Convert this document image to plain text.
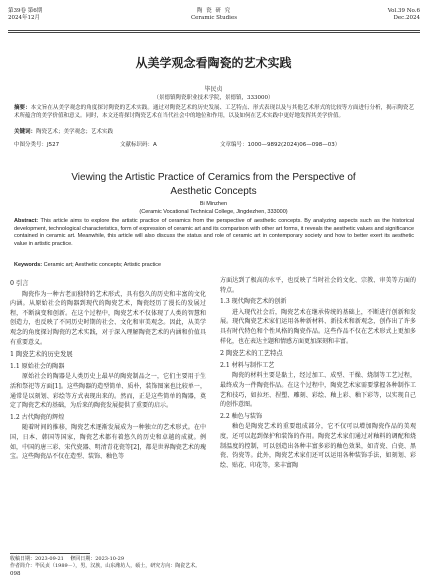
第39卷 第6期
2024年12月
陶 瓷 研 究
Ceramic Studies
Vol.39 No.6
Dec.2024
从美学观念看陶瓷的艺术实践
毕民贞
（景德镇陶瓷职业技术学院，景德镇，333000）
摘要：本文旨在从美学观念的角度探讨陶瓷的艺术实践。通过对陶瓷艺术的历史发展、工艺特点、形式表现以及与其他艺术形式的比较等方面进行分析，揭示陶瓷艺术所蕴含的美学价值和意义。同时，本文还将探讨陶瓷艺术在当代社会中的地位和作用，以及如何在艺术实践中更好地发挥其美学价值。
关键词：陶瓷艺术；美学观念；艺术实践
中图分类号：J527	文献标识码：A	文章编号：1000—9892(2024)06—098—03）
Viewing the Artistic Practice of Ceramics from the Perspective of
Aesthetic Concepts
Bi Minzhen
(Ceramic Vocational Technical College, Jingdezhen, 333000)
Abstract: This article aims to explore the artistic practice of ceramics from the perspective of aesthetic concepts. By analyzing aspects such as the historical development, technological characteristics, form of expression of ceramic art and its comparison with other art forms, it reveals the aesthetic values and significance contained in ceramic art. Meanwhile, this article will also discuss the status and role of ceramic art in contemporary society and how to better exert its aesthetic value in artistic practice.
Keywords: Ceramic art; Aesthetic concepts; Artistic practice
0 引言

陶瓷作为一种古老而独特的艺术形式，具有悠久的历史和丰富的文化内涵。从原始社会的陶器到现代的陶瓷艺术，陶瓷经历了漫长的发展过程，不断演变和创新。在这个过程中，陶瓷艺术不仅体现了人类的智慧和创造力，也反映了不同历史时期的社会、文化和审美观念。因此，从美学观念的角度探讨陶瓷的艺术实践，对于深入理解陶瓷艺术的内涵和价值具有重要意义。

1 陶瓷艺术的历史发展
1.1 原始社会的陶器

原始社会的陶器是人类历史上最早的陶瓷制品之一，它们主要用于生活和祭祀等方面[1]。这些陶器的造型简单、质朴，装饰图案也比较单一，通常是以刻划、彩绘等方式表现出来的。然而，正是这些简单的陶器，奠定了陶瓷艺术的基础，为后来的陶瓷发展提供了重要的启示。

1.2 古代陶瓷的辉煌

随着时间的推移，陶瓷艺术逐渐发展成为一种独立的艺术形式。在中国，日本、韩国等国家，陶瓷艺术都有着悠久的历史和卓越的成就。例如，中国的唐三彩、宋代瓷器、明清青花瓷等[2]，都是世界陶瓷艺术的瑰宝。这些陶瓷品不仅在造型、装饰、釉色等

方面达到了极高的水平，也反映了当时社会的文化、宗教、审美等方面的特点。

1.3 现代陶瓷艺术的创新

进入现代社会后，陶瓷艺术在继承传统的基础上，不断进行创新和发展。现代陶瓷艺术家们运用各种新材料、新技术和新观念，创作出了许多具有时代特色和个性风格的陶瓷作品。这些作品不仅在艺术形式上更加多样化，也在表达主题和情感方面更加深刻和丰富。

2 陶瓷艺术的工艺特点
2.1 材料与制作工艺

陶瓷的材料主要是黏土，经过加工、成型、干燥、烧制等工艺过程，最终成为一件陶瓷作品。在这个过程中，陶瓷艺术家需要掌握各种制作工艺和技巧，如拉坯、捏塑、雕刻、彩绘、釉上彩、釉下彩等，以实现自己的创作意图。

2.2 釉色与装饰

釉色是陶瓷艺术的重要组成部分，它不仅可以增加陶瓷作品的美观度，还可以起到保护和装饰的作用。陶瓷艺术家们通过对釉料的调配和烧制温度的控制，可以创造出各种丰富多彩的釉色效果，如青瓷、白瓷、黑瓷、钧瓷等。此外，陶瓷艺术家们还可以运用各种装饰手法，如刻划、彩绘、贴花、印花等，来丰富陶

收稿日期：2023-09-21 修回日期：2023-10-29
作者简介：毕民贞（1989－），男，汉族，山东潍坊人，硕士，研究方向：陶瓷艺术。
098
